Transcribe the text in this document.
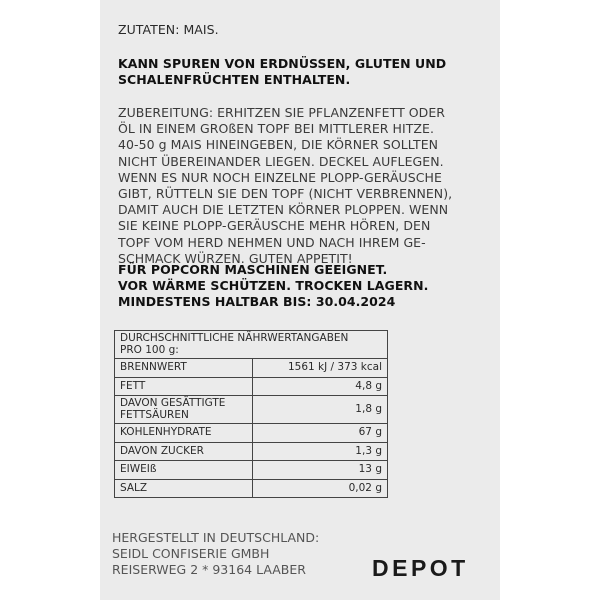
ZUTATEN: MAIS.
KANN SPUREN VON ERDNÜSSEN, GLUTEN UND
SCHALENFRÜCHTEN ENTHALTEN.
ZUBEREITUNG: ERHITZEN SIE PFLANZENFETT ODER
ÖL IN EINEM GROßEN TOPF BEI MITTLERER HITZE.
40-50 g MAIS HINEINGEBEN, DIE KÖRNER SOLLTEN
NICHT ÜBEREINANDER LIEGEN. DECKEL AUFLEGEN.
WENN ES NUR NOCH EINZELNE PLOPP-GERÄUSCHE
GIBT, RÜTTELN SIE DEN TOPF (NICHT VERBRENNEN),
DAMIT AUCH DIE LETZTEN KÖRNER PLOPPEN. WENN
SIE KEINE PLOPP-GERÄUSCHE MEHR HÖREN, DEN
TOPF VOM HERD NEHMEN UND NACH IHREM GE-
SCHMACK WÜRZEN. GUTEN APPETIT!
FÜR POPCORN MASCHINEN GEEIGNET.
VOR WÄRME SCHÜTZEN. TROCKEN LAGERN.
MINDESTENS HALTBAR BIS: 30.04.2024
DURCHSCHNITTLICHE NÄHRWERTANGABEN
PRO 100 g:
BRENNWERT	1561 kJ / 373 kcal
FETT	4,8 g
DAVON GESÄTTIGTE
FETTSÄUREN	1,8 g
KOHLENHYDRATE	67 g
DAVON ZUCKER	1,3 g
EIWEIß	13 g
SALZ	0,02 g
HERGESTELLT IN DEUTSCHLAND:
SEIDL CONFISERIE GMBH
REISERWEG 2 * 93164 LAABER	DEPOT
